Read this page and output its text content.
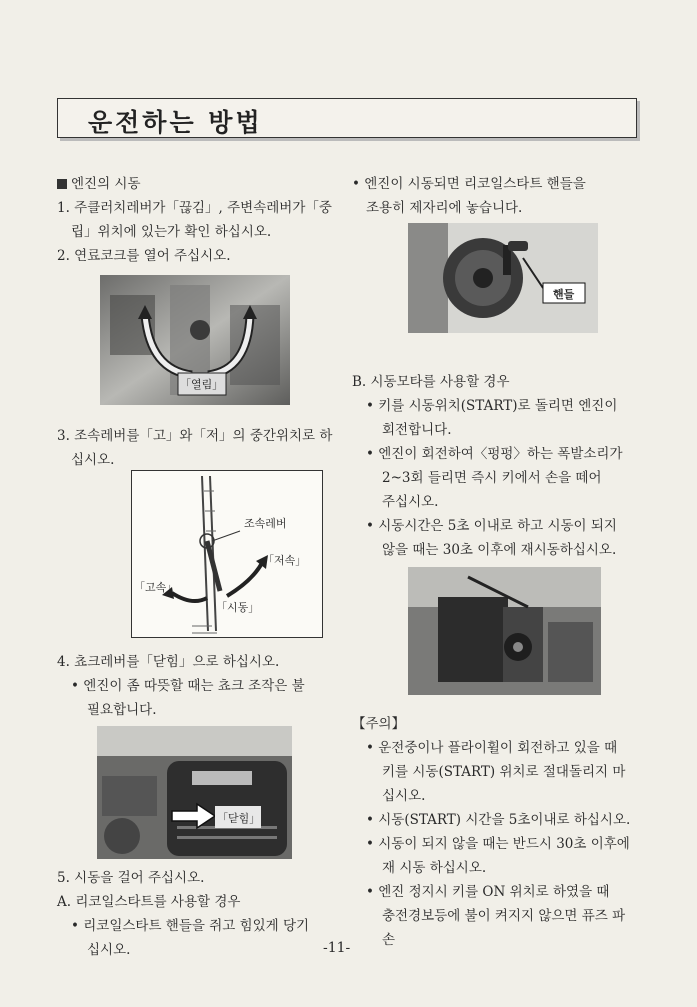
운전하는 방법

엔진의 시동

1. 주클러치레버가「끊김」, 주변속레버가「중

립」위치에 있는가 확인 하십시오.

2. 연료코크를 열어 주십시오.

「열림」

3. 조속레버를「고」와「저」의 중간위치로 하

십시오.

조속레버
「저속」
「고속」
「시동」

4. 쵸크레버를「닫힘」으로 하십시오.

• 엔진이 좀 따뜻할 때는 쵸크 조작은 불

필요합니다.

「닫힘」

5. 시동을 걸어 주십시오.

A. 리코일스타트를 사용할 경우

• 리코일스타트 핸들을 쥐고 힘있게 당기

십시오.

• 엔진이 시동되면 리코일스타트 핸들을

조용히 제자리에 놓습니다.

핸들

B. 시동모타를 사용할 경우

• 키를 시동위치(START)로 돌리면 엔진이

회전합니다.

• 엔진이 회전하여〈펑펑〉하는 폭발소리가

2~3회 들리면 즉시 키에서 손을 떼어

주십시오.

• 시동시간은 5초 이내로 하고 시동이 되지

않을 때는 30초 이후에 재시동하십시오.

【주의】

• 운전중이나 플라이휠이 회전하고 있을 때

키를 시동(START) 위치로 절대돌리지 마

십시오.

• 시동(START) 시간을 5초이내로 하십시오.

• 시동이 되지 않을 때는 반드시 30초 이후에

재 시동 하십시오.

• 엔진 정지시 키를 ON 위치로 하였을 때

충전경보등에 불이 켜지지 않으면 퓨즈 파손

-11-
